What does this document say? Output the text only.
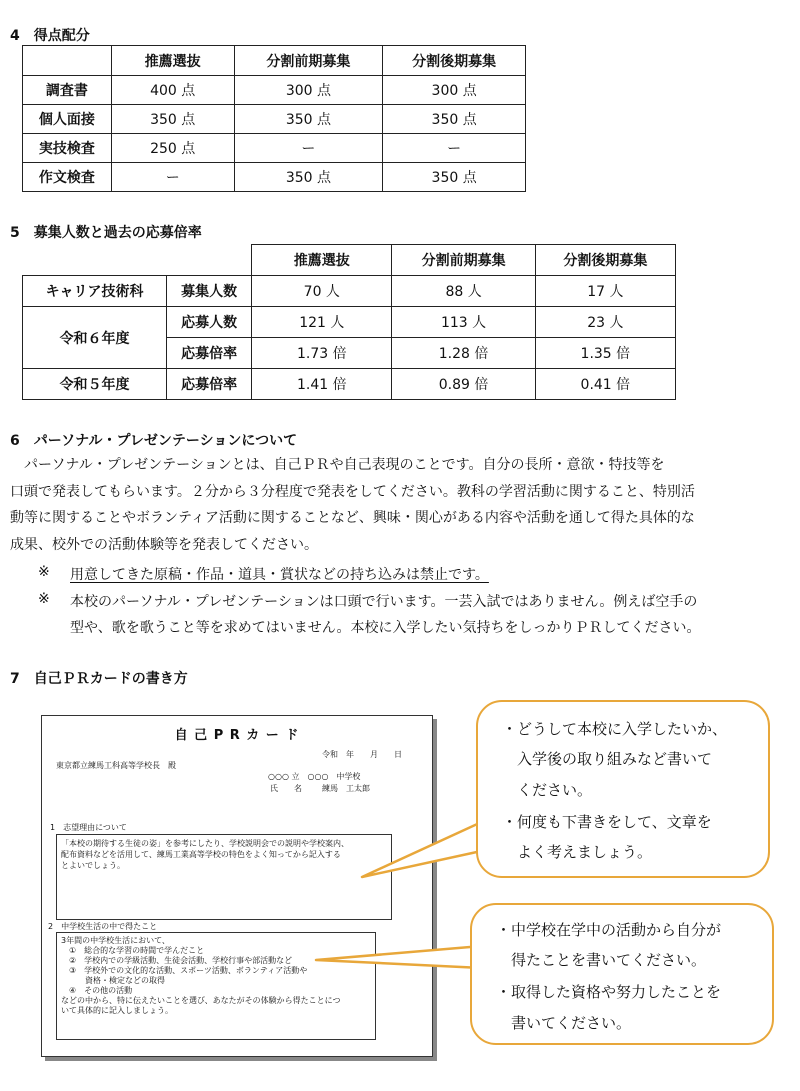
4　得点配分
	推薦選抜	分割前期募集	分割後期募集
調査書	400 点	300 点	300 点
個人面接	350 点	350 点	350 点
実技検査	250 点	ー	ー
作文検査	ー	350 点	350 点
5　募集人数と過去の応募倍率
		推薦選抜	分割前期募集	分割後期募集
キャリア技術科	募集人数	70 人	88 人	17 人
令和６年度	応募人数	121 人	113 人	23 人
	応募倍率	1.73 倍	1.28 倍	1.35 倍
令和５年度	応募倍率	1.41 倍	0.89 倍	0.41 倍
6　パーソナル・プレゼンテーションについて
　パーソナル・プレゼンテーションとは、自己ＰＲや自己表現のことです。自分の長所・意欲・特技等を
口頭で発表してもらいます。２分から３分程度で発表をしてください。教科の学習活動に関すること、特別活
動等に関することやボランティア活動に関することなど、興味・関心がある内容や活動を通して得た具体的な
成果、校外での活動体験等を発表してください。
※ 用意してきた原稿・作品・道具・賞状などの持ち込みは禁止です。
※ 本校のパーソナル・プレゼンテーションは口頭で行います。一芸入試ではありません。例えば空手の
型や、歌を歌うこと等を求めてはいません。本校に入学したい気持ちをしっかりＰＲしてください。
7　自己ＰＲカードの書き方
自 己 P R カ ー ド
令和　年　　月　　日
東京都立練馬工科高等学校長　殿
○○○ 立　○○○　中学校
氏　　名	練馬　工太郎
1　志望理由について
「本校の期待する生徒の姿」を参考にしたり、学校説明会での説明や学校案内、
配布資料などを活用して、練馬工業高等学校の特色をよく知ってから記入する
とよいでしょう。
2　中学校生活の中で得たこと
3年間の中学校生活において、
　①　総合的な学習の時間で学んだこと
　②　学校内での学級活動、生徒会活動、学校行事や部活動など
　③　学校外での文化的な活動、スポーツ活動、ボランティア活動や
　　　資格・検定などの取得
　④　その他の活動
などの中から、特に伝えたいことを選び、あなたがその体験から得たことにつ
いて具体的に記入しましょう。
・どうして本校に入学したいか、
　入学後の取り組みなど書いて
　ください。
・何度も下書きをして、文章を
　よく考えましょう。
・中学校在学中の活動から自分が
　得たことを書いてください。
・取得した資格や努力したことを
　書いてください。
